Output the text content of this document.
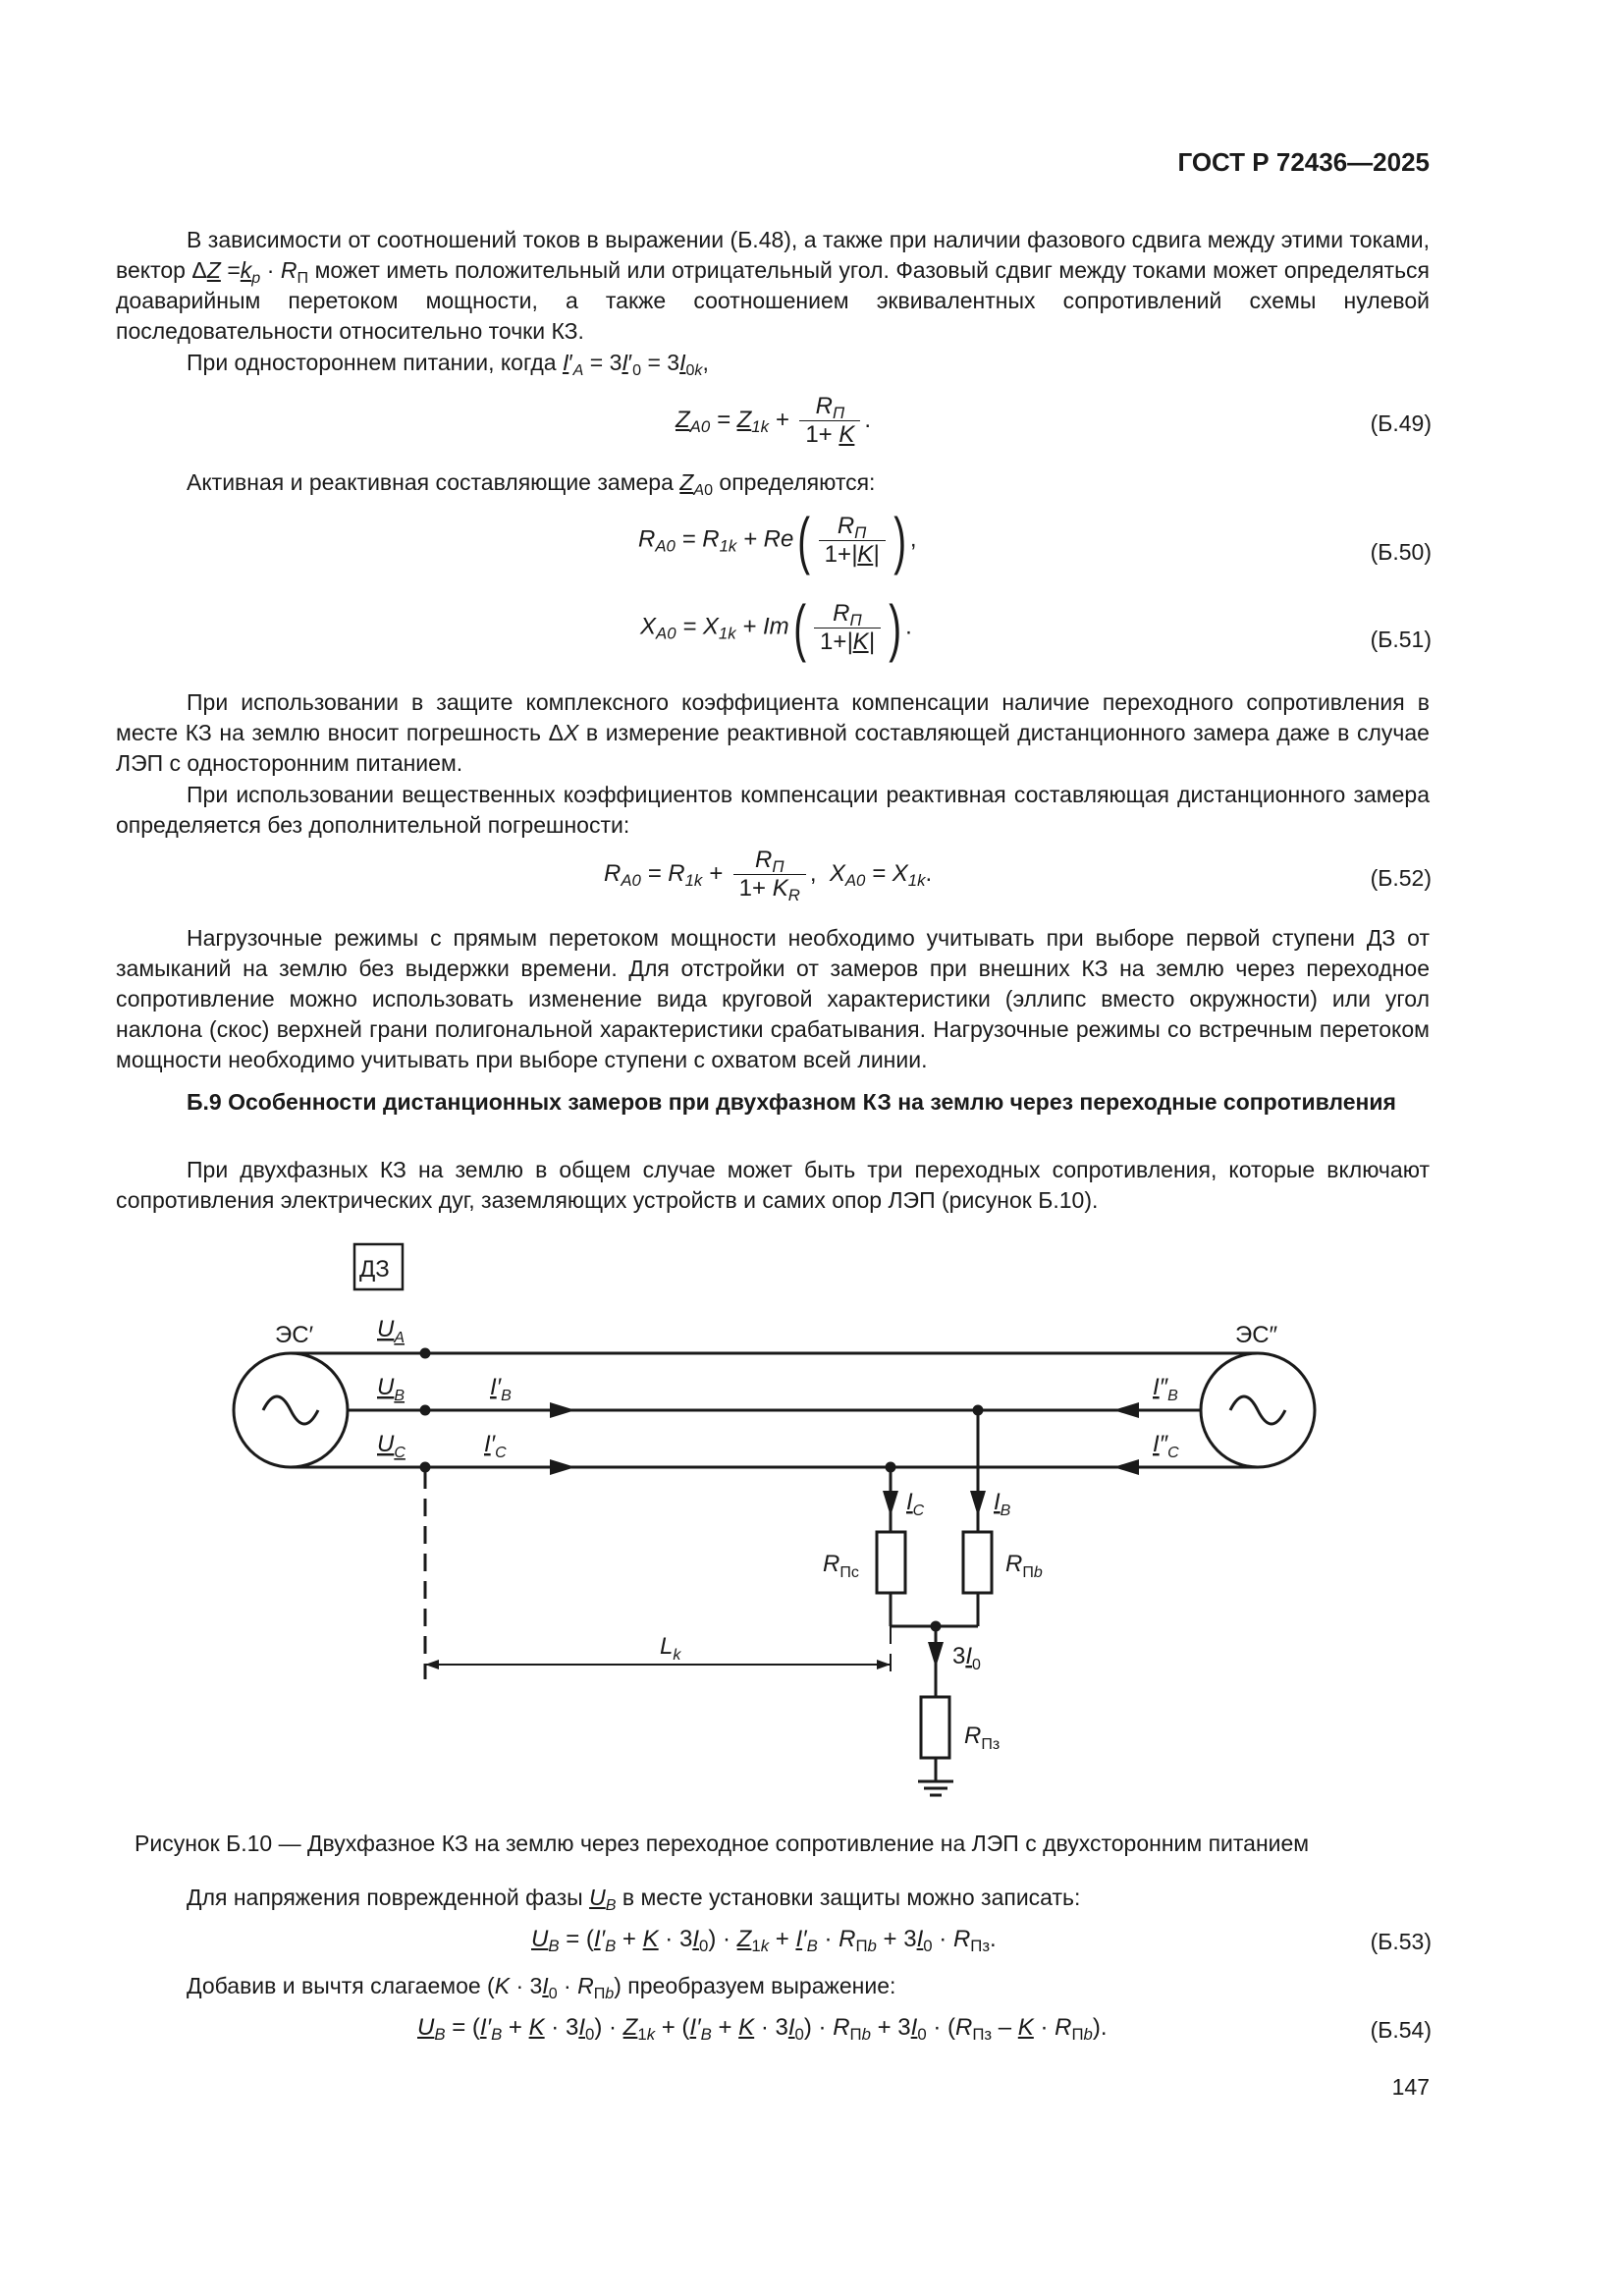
ГОСТ Р 72436—2025
В зависимости от соотношений токов в выражении (Б.48), а также при наличии фазового сдвига между этими токами, вектор $\Delta Z =k_p \cdot R_П$ может иметь положительный или отрицательный угол. Фазовый сдвиг между токами может определяться доаварийным перетоком мощности, а также соотношением эквивалентных сопротивлений схемы нулевой последовательности относительно точки КЗ.
При одностороннем питании, когда $I'_A = 3I'_0 = 3I_{0k}$,
$Z_{A0} = Z_{1k} + \frac{R_П}{1+ K}$ .	(Б.49)
Активная и реактивная составляющие замера $Z_{A0}$ определяются:
$R_{A0} = R_{1k} + Re( \frac{R_П}{1+|K|}$ ) ,	(Б.50)
$X_{A0} = X_{1k} + Im( \frac{R_П}{1+|K|}$ ) .	(Б.51)
При использовании в защите комплексного коэффициента компенсации наличие переходного сопротивления в месте КЗ на землю вносит погрешность ΔX в измерение реактивной составляющей дистанционного замера даже в случае ЛЭП с односторонним питанием.
При использовании вещественных коэффициентов компенсации реактивная составляющая дистанционного замера определяется без дополнительной погрешности:
$R_{A0} = R_{1k} + \frac{R_П}{1+ K_R}$ ,  $X_{A0} = X_{1k}$.	(Б.52)
Нагрузочные режимы с прямым перетоком мощности необходимо учитывать при выборе первой ступени ДЗ от замыканий на землю без выдержки времени. Для отстройки от замеров при внешних КЗ на землю через переходное сопротивление можно использовать изменение вида круговой характеристики (эллипс вместо окружности) или угол наклона (скос) верхней грани полигональной характеристики срабатывания. Нагрузочные режимы со встречным перетоком мощности необходимо учитывать при выборе ступени с охватом всей линии.
Б.9 Особенности дистанционных замеров при двухфазном КЗ на землю через переходные сопротивления
При двухфазных КЗ на землю в общем случае может быть три переходных сопротивления, которые включают сопротивления электрических дуг, заземляющих устройств и самих опор ЛЭП (рисунок Б.10).
ДЗ
ЭС′	ЭС″
$U_A$
$U_B$
$U_C$
$I'_B$
$I'_C$
$I''_B$
$I''_C$
$I_C$	$I_B$
$R_{Пс}$	$R_Пb$
$3I_0$
$R_{Пз}$
$L_k$
Рисунок Б.10 — Двухфазное КЗ на землю через переходное сопротивление на ЛЭП с двухсторонним питанием
Для напряжения поврежденной фазы $U_B$ в месте установки защиты можно записать:
$U_B = (I'_B + K \cdot 3I_0) \cdot Z_{1k} + I'_B \cdot R_{Пb} + 3I_0 \cdot R_{Пз}$.	(Б.53)
Добавив и вычтя слагаемое $(K \cdot 3I_0 \cdot R_{Пb})$ преобразуем выражение:
$U_B = (I'_B + K \cdot 3I_0) \cdot Z_{1k} + (I'_B + K \cdot 3I_0) \cdot R_{Пb} + 3I_0 \cdot (R_{Пз} - K \cdot R_{Пb})$.	(Б.54)
147
